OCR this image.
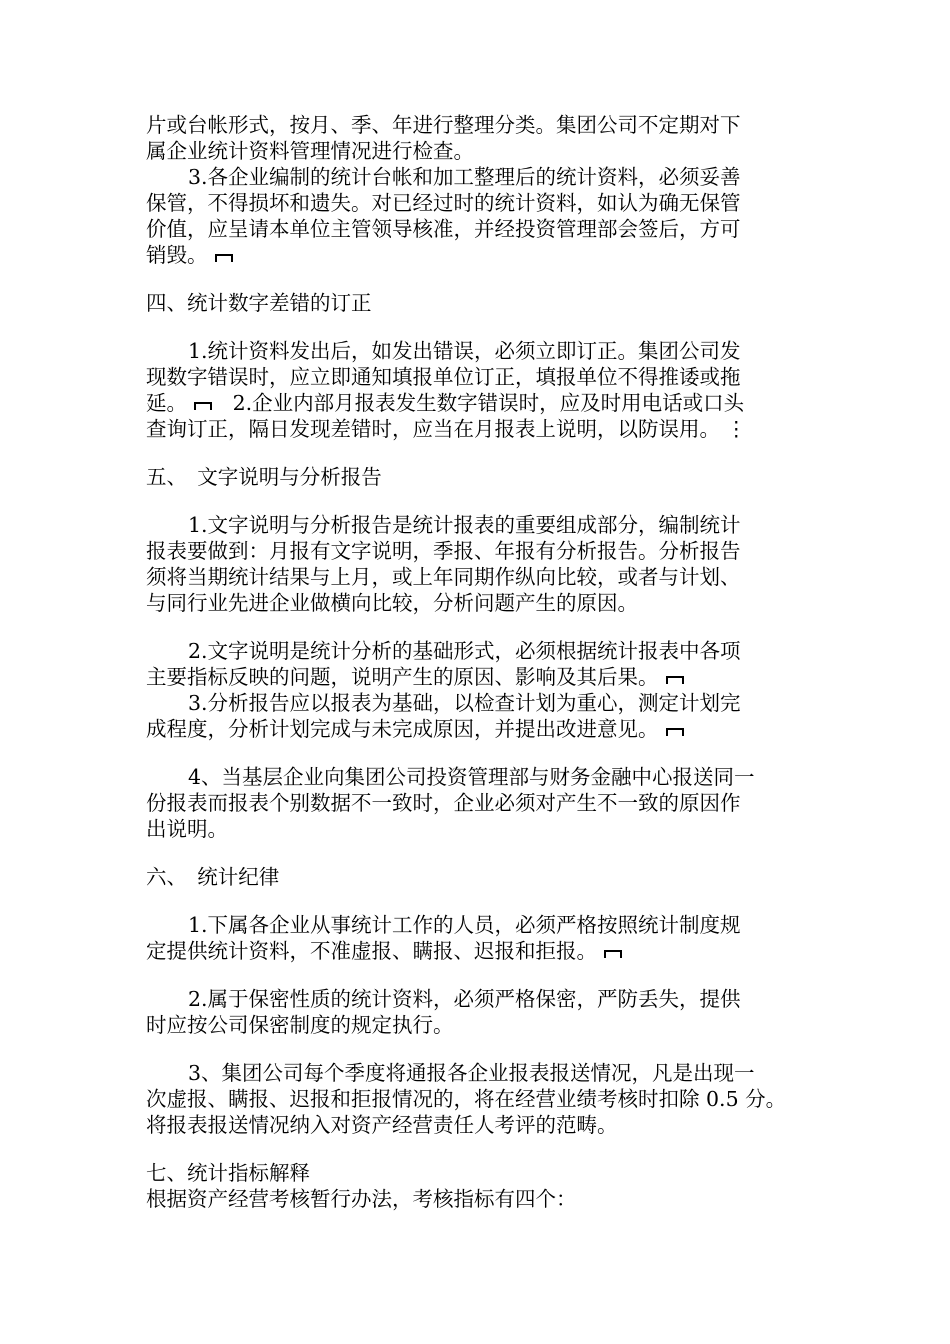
片或台帐形式，按月、季、年进行整理分类。集团公司不定期对下

属企业统计资料管理情况进行检查。

3.各企业编制的统计台帐和加工整理后的统计资料，必须妥善

保管，不得损坏和遗失。对已经过时的统计资料，如认为确无保管

价值，应呈请本单位主管领导核准，并经投资管理部会签后，方可

销毁。

四、统计数字差错的订正

1.统计资料发出后，如发出错误，必须立即订正。集团公司发

现数字错误时，应立即通知填报单位订正，填报单位不得推诿或拖

延。 2.企业内部月报表发生数字错误时，应及时用电话或口头

查询订正，隔日发现差错时，应当在月报表上说明，以防误用。 ⋮

五、　文字说明与分析报告

1.文字说明与分析报告是统计报表的重要组成部分，编制统计

报表要做到：月报有文字说明，季报、年报有分析报告。分析报告

须将当期统计结果与上月，或上年同期作纵向比较，或者与计划、

与同行业先进企业做横向比较，分析问题产生的原因。

2.文字说明是统计分析的基础形式，必须根据统计报表中各项

主要指标反映的问题，说明产生的原因、影响及其后果。

3.分析报告应以报表为基础，以检查计划为重心，测定计划完

成程度，分析计划完成与未完成原因，并提出改进意见。

4、当基层企业向集团公司投资管理部与财务金融中心报送同一

份报表而报表个别数据不一致时，企业必须对产生不一致的原因作

出说明。

六、　统计纪律

1.下属各企业从事统计工作的人员，必须严格按照统计制度规

定提供统计资料，不准虚报、瞒报、迟报和拒报。

2.属于保密性质的统计资料，必须严格保密，严防丢失，提供

时应按公司保密制度的规定执行。

3、集团公司每个季度将通报各企业报表报送情况，凡是出现一

次虚报、瞒报、迟报和拒报情况的，将在经营业绩考核时扣除 0.5 分。

将报表报送情况纳入对资产经营责任人考评的范畴。

七、统计指标解释

根据资产经营考核暂行办法，考核指标有四个：
